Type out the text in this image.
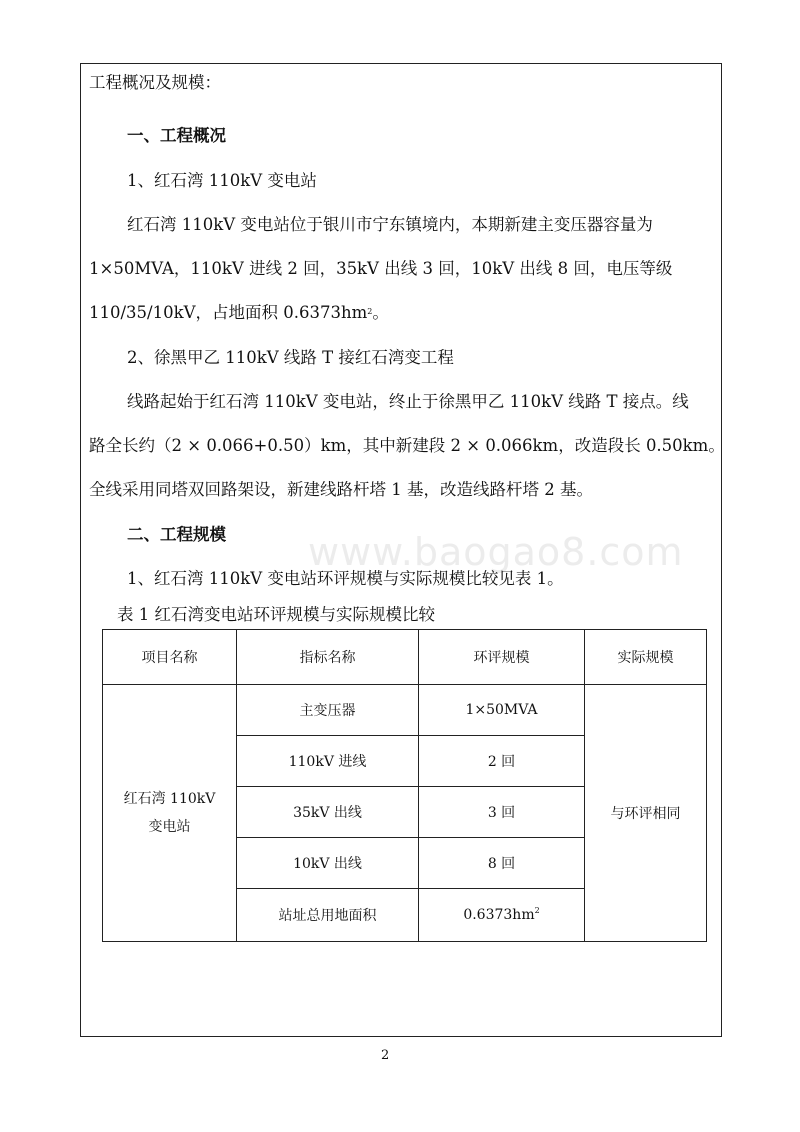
www.baogao8.com
工程概况及规模：
一、工程概况
1、红石湾 110kV 变电站
红石湾 110kV 变电站位于银川市宁东镇境内，本期新建主变压器容量为
1×50MVA，110kV 进线 2 回，35kV 出线 3 回，10kV 出线 8 回，电压等级
110/35/10kV，占地面积 $0.6373hm^2$。
2、徐黑甲乙 110kV 线路 T 接红石湾变工程
线路起始于红石湾 110kV 变电站，终止于徐黑甲乙 110kV 线路 T 接点。线
路全长约（2 × 0.066+0.50）km，其中新建段 2 × 0.066km，改造段长 0.50km。
全线采用同塔双回路架设，新建线路杆塔 1 基，改造线路杆塔 2 基。
二、工程规模
1、红石湾 110kV 变电站环评规模与实际规模比较见表 1。
表 1 红石湾变电站环评规模与实际规模比较
项目名称	指标名称	环评规模	实际规模

红石湾 110kV
变电站	主变压器	1×50MVA	与环评相同
	110kV 进线	2 回	
	35kV 出线	3 回	
	10kV 出线	8 回	
	站址总用地面积	$0.6373hm^2$
2
